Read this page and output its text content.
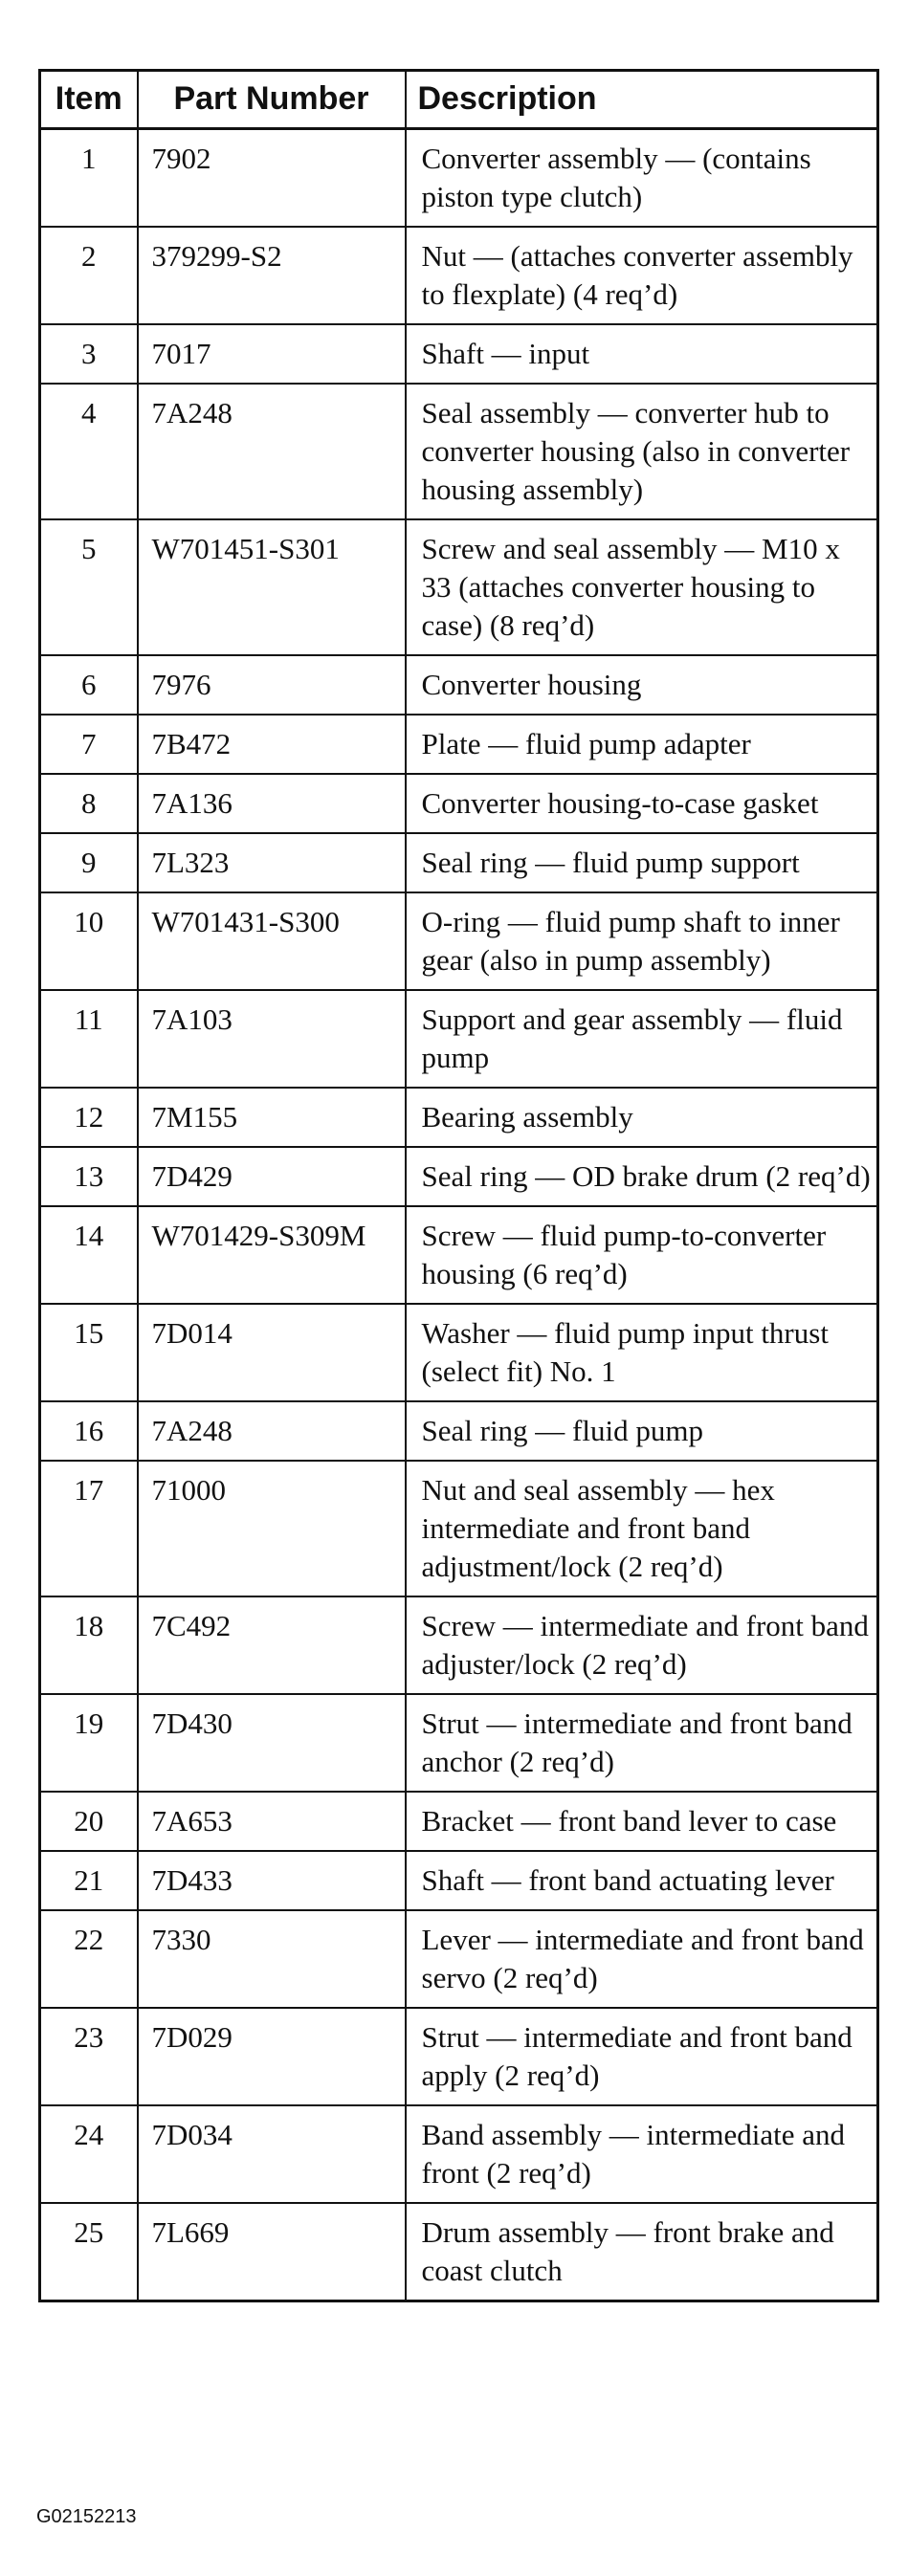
Item	Part Number	Description
1	7902	Converter assembly — (contains piston type clutch)
2	379299-S2	Nut — (attaches converter assembly to flexplate) (4 req’d)
3	7017	Shaft — input
4	7A248	Seal assembly — converter hub to converter housing (also in converter housing assembly)
5	W701451-S301	Screw and seal assembly — M10 x 33 (attaches converter housing to case) (8 req’d)
6	7976	Converter housing
7	7B472	Plate — fluid pump adapter
8	7A136	Converter housing-to-case gasket
9	7L323	Seal ring — fluid pump support
10	W701431-S300	O-ring — fluid pump shaft to inner gear (also in pump assembly)
11	7A103	Support and gear assembly — fluid pump
12	7M155	Bearing assembly
13	7D429	Seal ring — OD brake drum (2 req’d)
14	W701429-S309M	Screw — fluid pump-to-converter housing (6 req’d)
15	7D014	Washer — fluid pump input thrust (select fit) No. 1
16	7A248	Seal ring — fluid pump
17	71000	Nut and seal assembly — hex intermediate and front band adjustment/lock (2 req’d)
18	7C492	Screw — intermediate and front band adjuster/lock (2 req’d)
19	7D430	Strut — intermediate and front band anchor (2 req’d)
20	7A653	Bracket — front band lever to case
21	7D433	Shaft — front band actuating lever
22	7330	Lever — intermediate and front band servo (2 req’d)
23	7D029	Strut — intermediate and front band apply (2 req’d)
24	7D034	Band assembly — intermediate and front (2 req’d)
25	7L669	Drum assembly — front brake and coast clutch
G02152213
